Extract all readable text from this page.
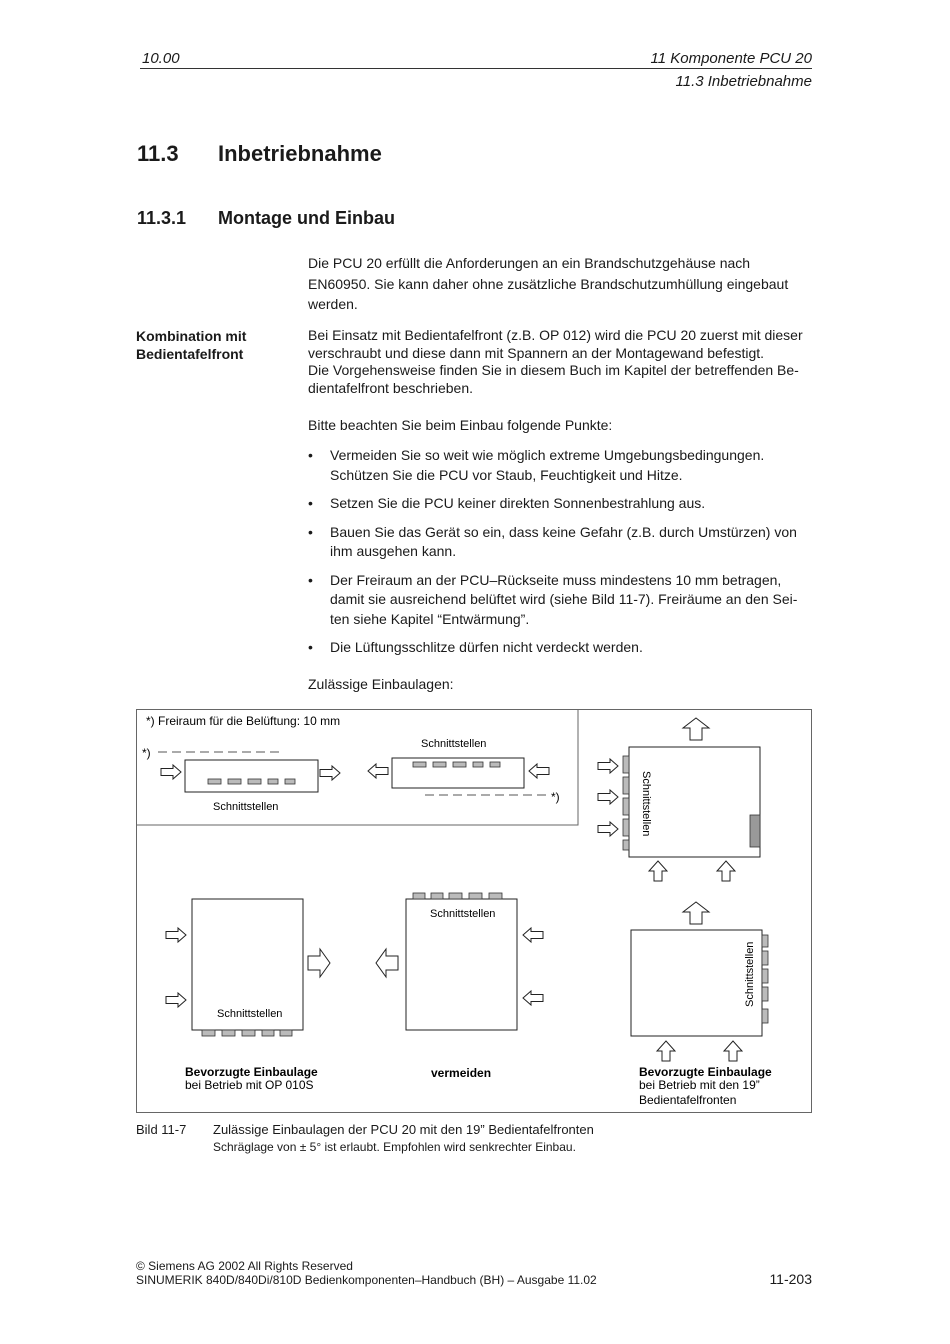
10.00	11 Komponente PCU 20
11.3 Inbetriebnahme
11.3 Inbetriebnahme
11.3.1 Montage und Einbau
Die PCU 20 erfüllt die Anforderungen an ein Brandschutzgehäuse nach
EN60950. Sie kann daher ohne zusätzliche Brandschutzumhüllung eingebaut
werden.
Kombination mit
Bedientafelfront
Bei Einsatz mit Bedientafelfront (z.B. OP 012) wird die PCU 20 zuerst mit dieser
verschraubt und diese dann mit Spannern an der Montagewand befestigt.
Die Vorgehensweise finden Sie in diesem Buch im Kapitel der betreffenden Be-
dientafelfront beschrieben.
Bitte beachten Sie beim Einbau folgende Punkte:
• Vermeiden Sie so weit wie möglich extreme Umgebungsbedingungen.
Schützen Sie die PCU vor Staub, Feuchtigkeit und Hitze.
• Setzen Sie die PCU keiner direkten Sonnenbestrahlung aus.
• Bauen Sie das Gerät so ein, dass keine Gefahr (z.B. durch Umstürzen) von
ihm ausgehen kann.
• Der Freiraum an der PCU–Rückseite muss mindestens 10 mm betragen,
damit sie ausreichend belüftet wird (siehe Bild 11-7). Freiräume an den Sei-
ten siehe Kapitel “Entwärmung”.
• Die Lüftungsschlitze dürfen nicht verdeckt werden.
Zulässige Einbaulagen:
*) Freiraum für die Belüftung: 10 mm
*)
Schnittstellen
Schnittstellen
*)	Schnittstellen
Schnittstellen
Schnittstellen
Schnittstellen
Bevorzugte Einbaulage
bei Betrieb mit OP 010S
vermeiden	Bevorzugte Einbaulage
bei Betrieb mit den 19”
Bedientafelfronten
Bild 11-7 Zulässige Einbaulagen der PCU 20 mit den 19” Bedientafelfronten
Schräglage von ± 5° ist erlaubt. Empfohlen wird senkrechter Einbau.
© Siemens AG 2002 All Rights Reserved
SINUMERIK 840D/840Di/810D Bedienkomponenten–Handbuch (BH) – Ausgabe 11.02	11-203
